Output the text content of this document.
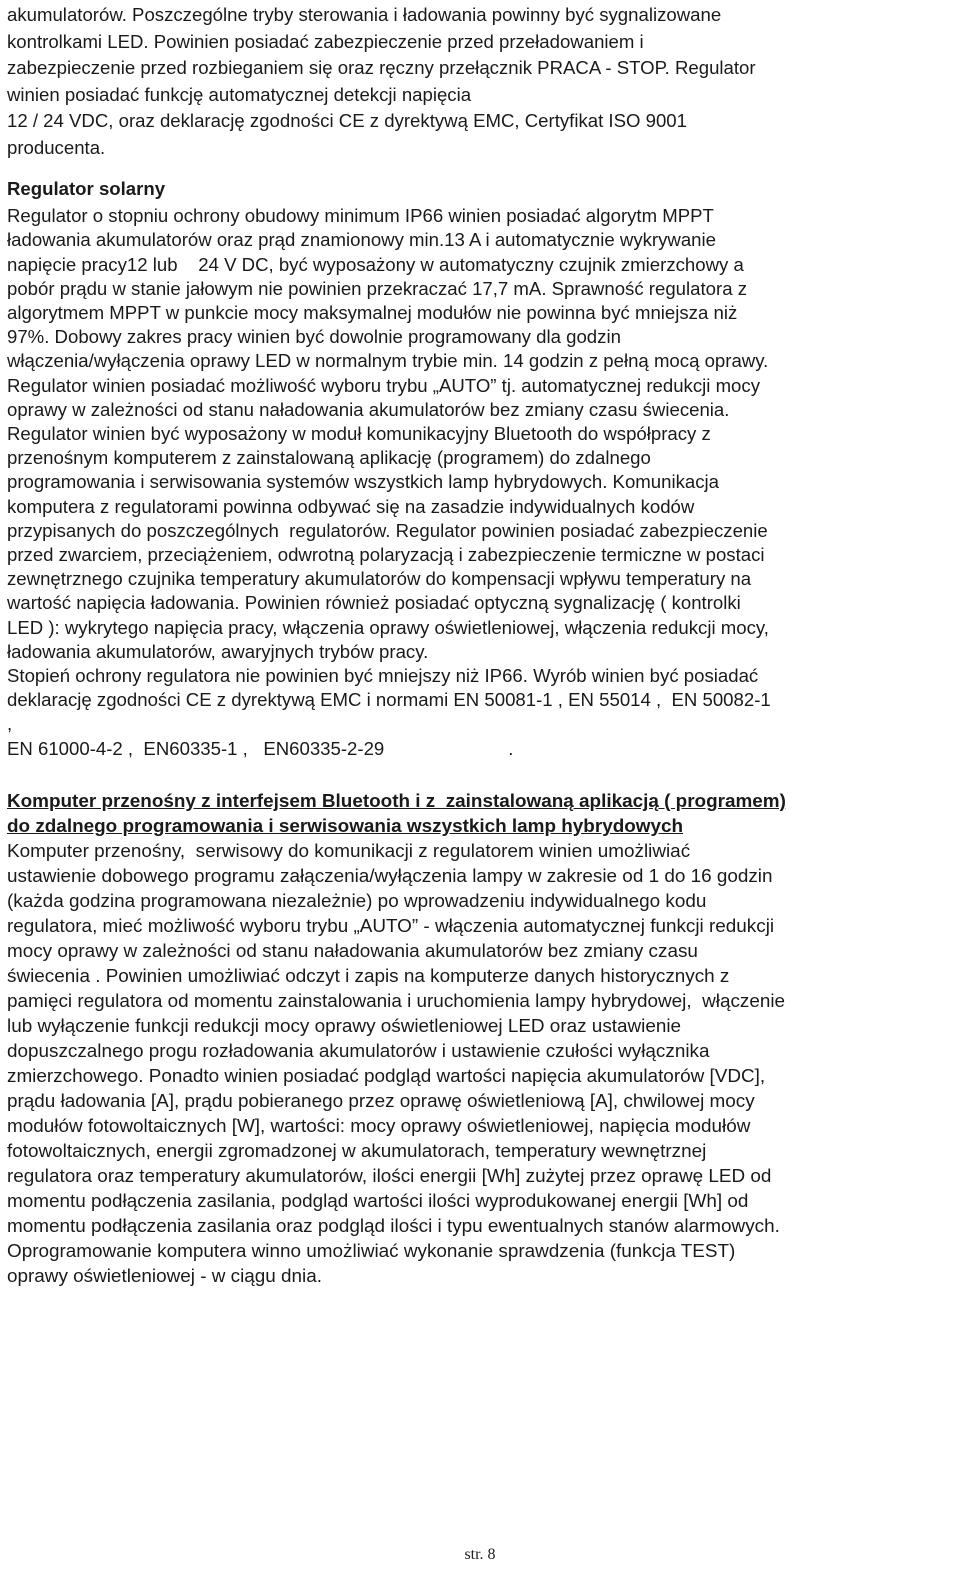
akumulatorów. Poszczególne tryby sterowania i ładowania powinny być sygnalizowane
kontrolkami LED. Powinien posiadać zabezpieczenie przed przeładowaniem i
zabezpieczenie przed rozbieganiem się oraz ręczny przełącznik PRACA - STOP. Regulator
winien posiadać funkcję automatycznej detekcji napięcia
12 / 24 VDC, oraz deklarację zgodności CE z dyrektywą EMC, Certyfikat ISO 9001
producenta.
Regulator solarny
Regulator o stopniu ochrony obudowy minimum IP66 winien posiadać algorytm MPPT
ładowania akumulatorów oraz prąd znamionowy min.13 A i automatycznie wykrywanie
napięcie pracy12 lub    24 V DC, być wyposażony w automatyczny czujnik zmierzchowy a
pobór prądu w stanie jałowym nie powinien przekraczać 17,7 mA. Sprawność regulatora z
algorytmem MPPT w punkcie mocy maksymalnej modułów nie powinna być mniejsza niż
97%. Dobowy zakres pracy winien być dowolnie programowany dla godzin
włączenia/wyłączenia oprawy LED w normalnym trybie min. 14 godzin z pełną mocą oprawy.
Regulator winien posiadać możliwość wyboru trybu „AUTO” tj. automatycznej redukcji mocy
oprawy w zależności od stanu naładowania akumulatorów bez zmiany czasu świecenia.
Regulator winien być wyposażony w moduł komunikacyjny Bluetooth do współpracy z
przenośnym komputerem z zainstalowaną aplikację (programem) do zdalnego
programowania i serwisowania systemów wszystkich lamp hybrydowych. Komunikacja
komputera z regulatorami powinna odbywać się na zasadzie indywidualnych kodów
przypisanych do poszczególnych  regulatorów. Regulator powinien posiadać zabezpieczenie
przed zwarciem, przeciążeniem, odwrotną polaryzacją i zabezpieczenie termiczne w postaci
zewnętrznego czujnika temperatury akumulatorów do kompensacji wpływu temperatury na
wartość napięcia ładowania. Powinien również posiadać optyczną sygnalizację ( kontrolki
LED ): wykrytego napięcia pracy, włączenia oprawy oświetleniowej, włączenia redukcji mocy,
ładowania akumulatorów, awaryjnych trybów pracy.
Stopień ochrony regulatora nie powinien być mniejszy niż IP66. Wyrób winien być posiadać
deklarację zgodności CE z dyrektywą EMC i normami EN 50081-1 , EN 55014 ,  EN 50082-1
,
EN 61000-4-2 ,  EN60335-1 ,   EN60335-2-29                        .
Komputer przenośny z interfejsem Bluetooth i z  zainstalowaną aplikacją ( programem)
do zdalnego programowania i serwisowania wszystkich lamp hybrydowych
Komputer przenośny,  serwisowy do komunikacji z regulatorem winien umożliwiać
ustawienie dobowego programu załączenia/wyłączenia lampy w zakresie od 1 do 16 godzin
(każda godzina programowana niezależnie) po wprowadzeniu indywidualnego kodu
regulatora, mieć możliwość wyboru trybu „AUTO” - włączenia automatycznej funkcji redukcji
mocy oprawy w zależności od stanu naładowania akumulatorów bez zmiany czasu
świecenia . Powinien umożliwiać odczyt i zapis na komputerze danych historycznych z
pamięci regulatora od momentu zainstalowania i uruchomienia lampy hybrydowej,  włączenie
lub wyłączenie funkcji redukcji mocy oprawy oświetleniowej LED oraz ustawienie
dopuszczalnego progu rozładowania akumulatorów i ustawienie czułości wyłącznika
zmierzchowego. Ponadto winien posiadać podgląd wartości napięcia akumulatorów [VDC],
prądu ładowania [A], prądu pobieranego przez oprawę oświetleniową [A], chwilowej mocy
modułów fotowoltaicznych [W], wartości: mocy oprawy oświetleniowej, napięcia modułów
fotowoltaicznych, energii zgromadzonej w akumulatorach, temperatury wewnętrznej
regulatora oraz temperatury akumulatorów, ilości energii [Wh] zużytej przez oprawę LED od
momentu podłączenia zasilania, podgląd wartości ilości wyprodukowanej energii [Wh] od
momentu podłączenia zasilania oraz podgląd ilości i typu ewentualnych stanów alarmowych.
Oprogramowanie komputera winno umożliwiać wykonanie sprawdzenia (funkcja TEST)
oprawy oświetleniowej - w ciągu dnia.
str. 8
